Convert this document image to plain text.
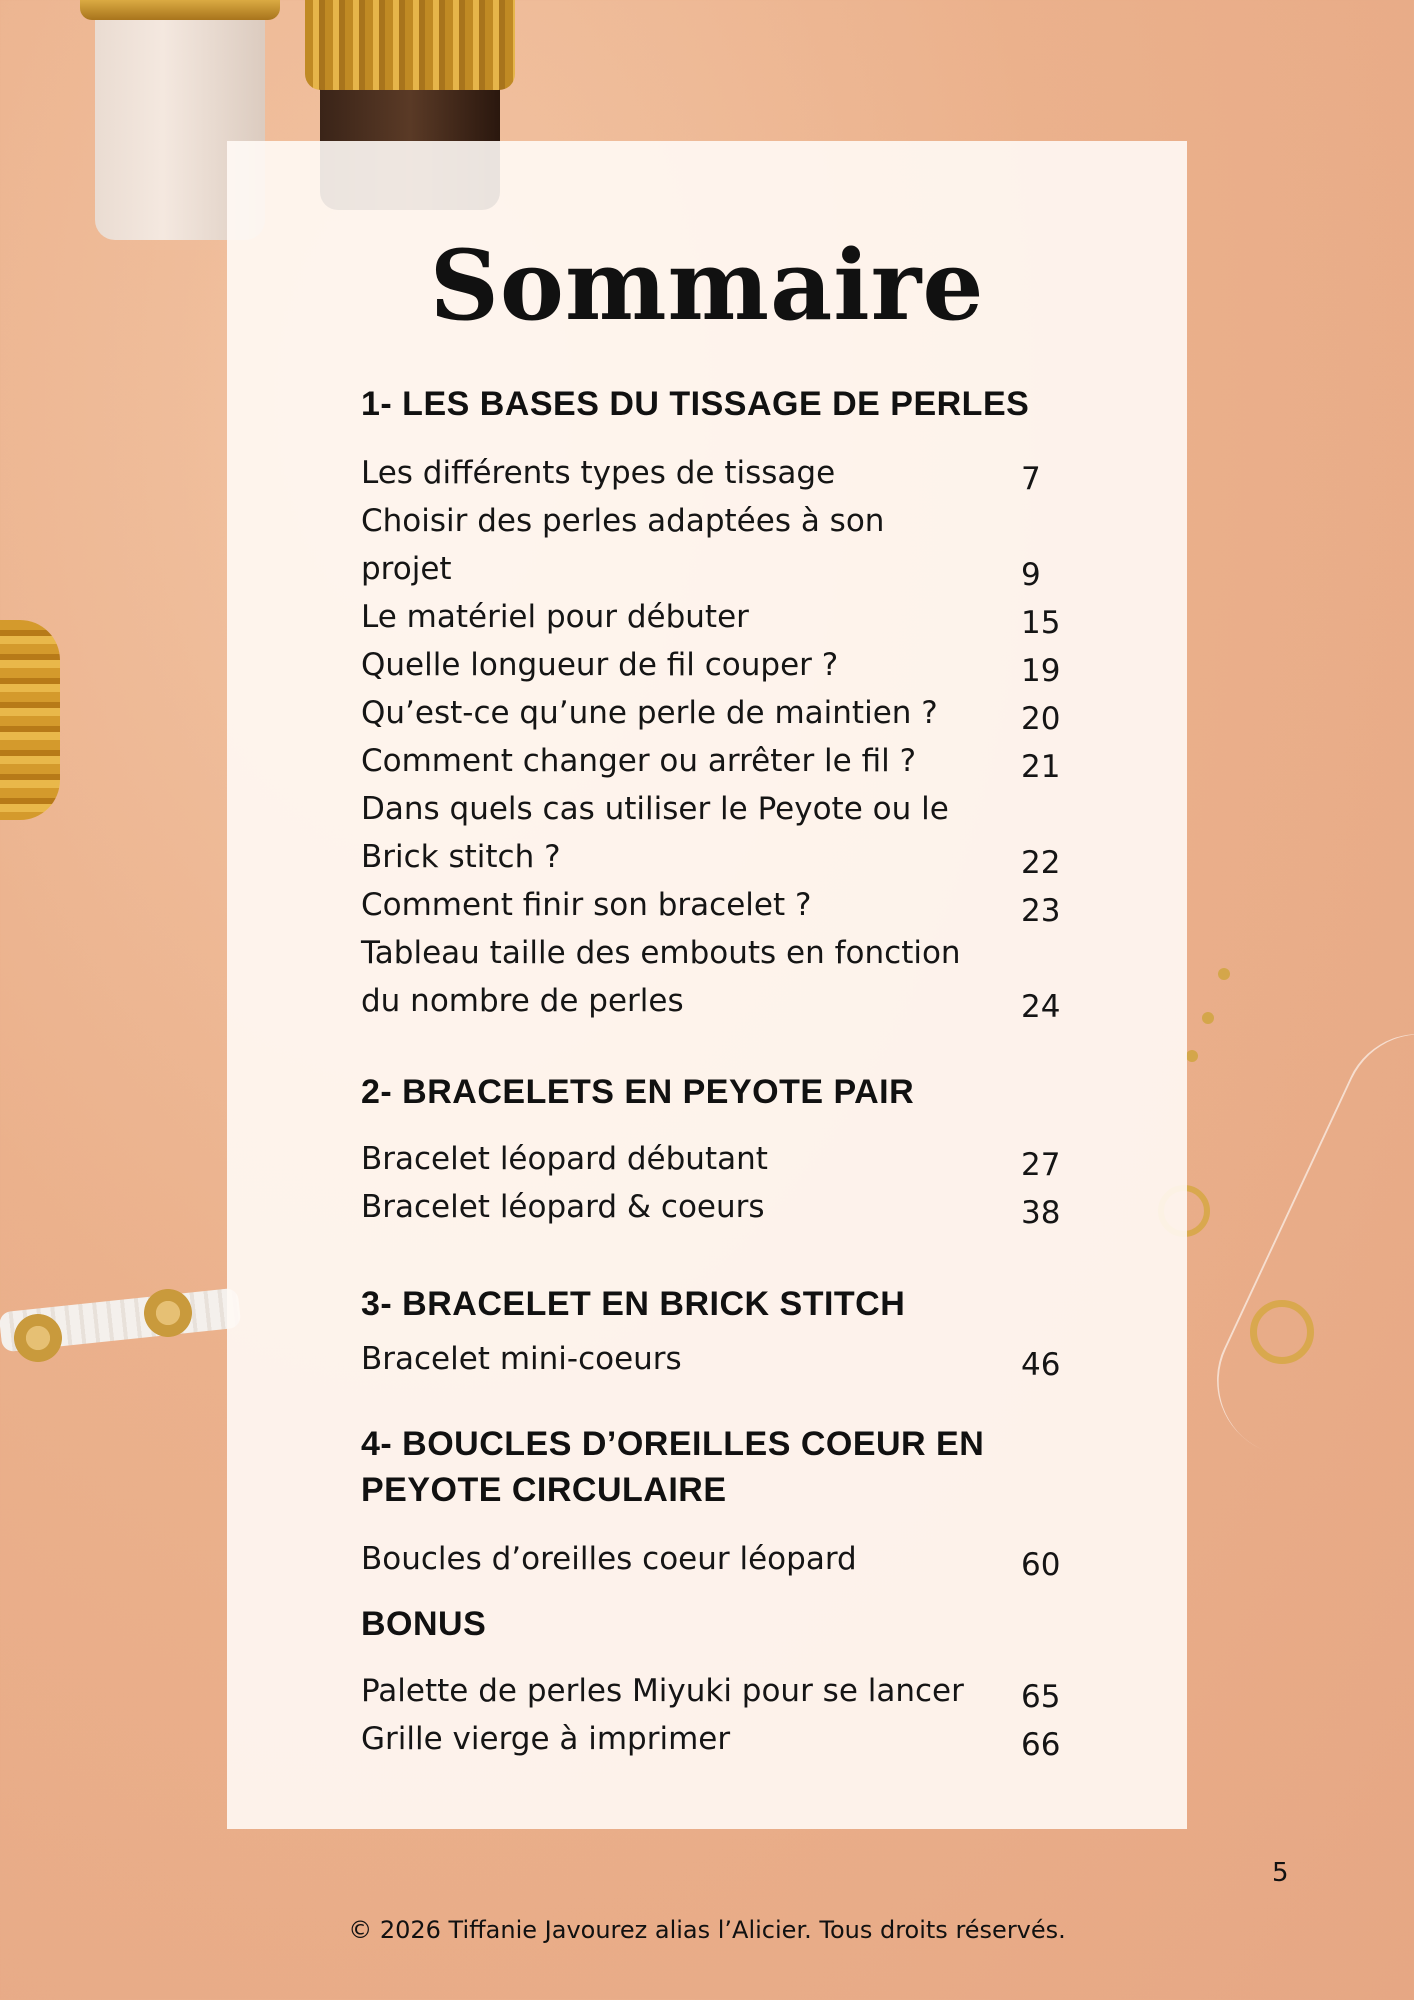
Sommaire
1- LES BASES DU TISSAGE DE PERLES
Les différents types de tissage	7
Choisir des perles adaptées à son projet	9
Le matériel pour débuter	15
Quelle longueur de fil couper ?	19
Qu’est-ce qu’une perle de maintien ?	20
Comment changer ou arrêter le fil ?	21
Dans quels cas utiliser le Peyote ou le Brick stitch ?	22
Comment finir son bracelet ?	23
Tableau taille des embouts en fonction du nombre de perles	24
2- BRACELETS EN PEYOTE PAIR
Bracelet léopard débutant	27
Bracelet léopard & coeurs	38
3- BRACELET EN BRICK STITCH
Bracelet mini-coeurs	46
4- BOUCLES D’OREILLES COEUR EN PEYOTE CIRCULAIRE
Boucles d’oreilles coeur léopard	60
BONUS
Palette de perles Miyuki pour se lancer	65
Grille vierge à imprimer	66
5
© 2026 Tiffanie Javourez alias l’Alicier. Tous droits réservés.
